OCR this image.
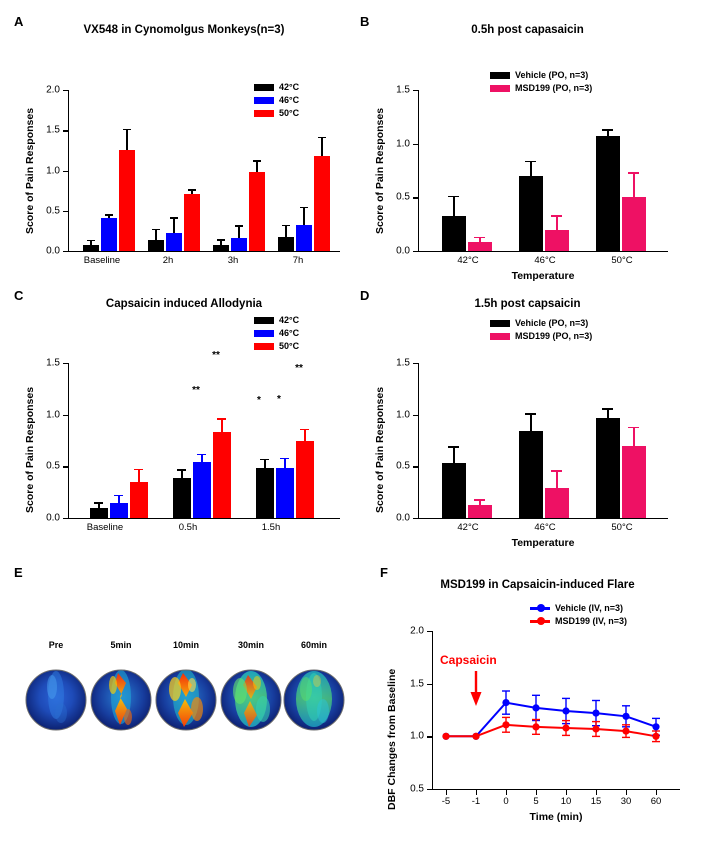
A
VX548 in Cynomolgus Monkeys(n=3)
Score of Pain Responses
0.0
0.5
1.0
1.5
2.0
Baseline	2h	3h	7h
42°C
46°C
50°C
B
0.5h post capasaicin
Score of Pain Responses
0.0
0.5
1.0
1.5
42°C	46°C	50°C
Temperature
Vehicle (PO, n=3)
MSD199 (PO, n=3)
C
Capsaicin induced Allodynia
Score of Pain Responses
0.0
0.5
1.0
1.5
**
**
*	*
**
Baseline	0.5h	1.5h
42°C
46°C
50°C
D
1.5h post capsaicin
Score of Pain Responses
0.0
0.5
1.0
1.5
42°C	46°C	50°C
Temperature
Vehicle (PO, n=3)
MSD199 (PO, n=3)
E
Pre	5min	10min	30min	60min
F
MSD199 in Capsaicin-induced Flare
DBF Changes from Baseline	0.5
1.0
1.5
2.0
Capsaicin
-5	-1	0	5	10	15	30	60
Time (min)
Vehicle (IV, n=3)
MSD199 (IV, n=3)
